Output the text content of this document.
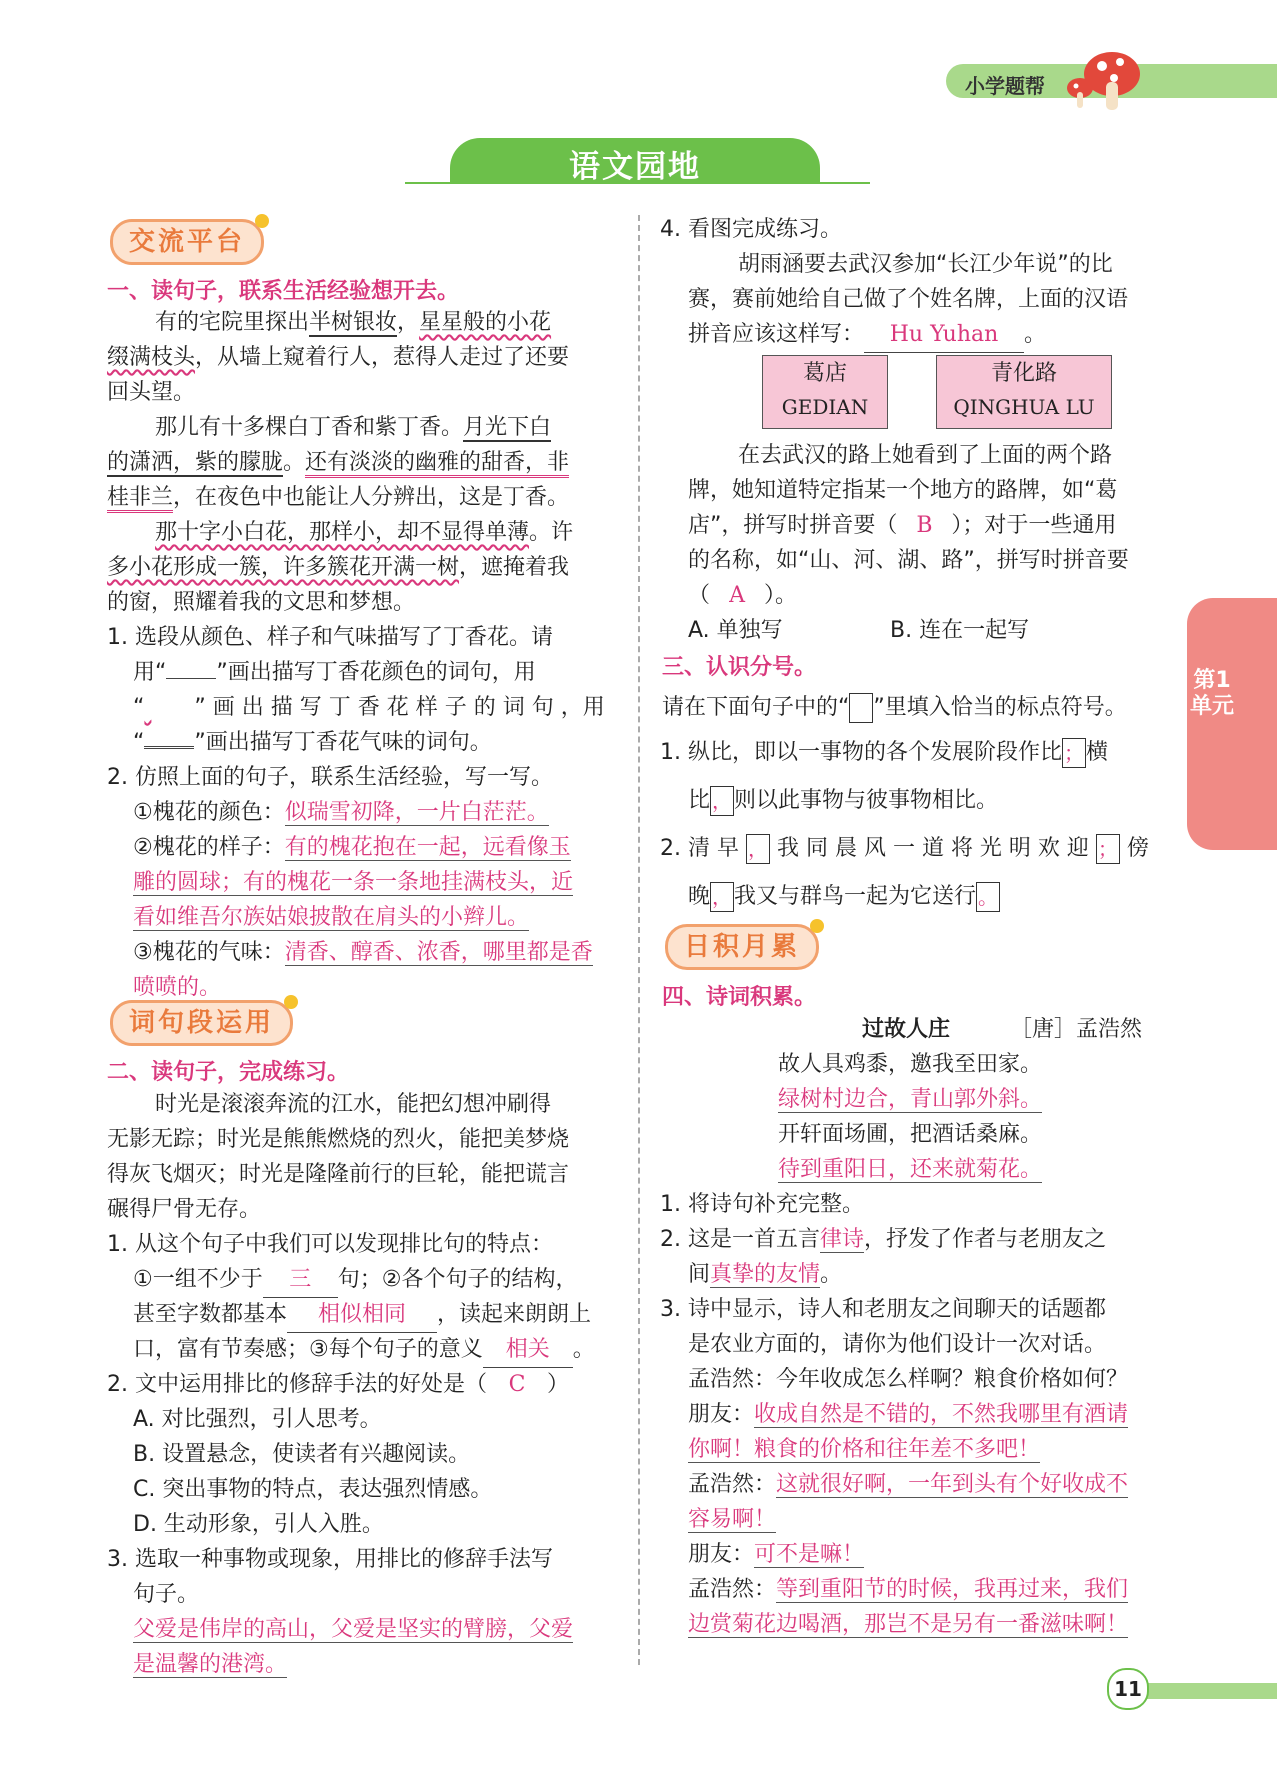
小学题帮
语文园地
交流平台
一、读句子，联系生活经验想开去。
有的宅院里探出半树银妆，星星般的小花
缀满枝头，从墙上窥着行人，惹得人走过了还要
回头望。
那儿有十多棵白丁香和紫丁香。月光下白
的潇洒，紫的朦胧。还有淡淡的幽雅的甜香，非
桂非兰，在夜色中也能让人分辨出，这是丁香。
那十字小白花，那样小，却不显得单薄。许
多小花形成一簇，许多簇花开满一树，遮掩着我
的窗，照耀着我的文思和梦想。
1. 选段从颜色、样子和气味描写了丁香花。请
用“ ”画出描写丁香花颜色的词句，用
“ ” 画 出 描 写 丁 香 花 样 子 的 词 句 ，用
“ ”画出描写丁香花气味的词句。
2. 仿照上面的句子，联系生活经验，写一写。
①槐花的颜色：似瑞雪初降，一片白茫茫。
②槐花的样子：有的槐花抱在一起，远看像玉
雕的圆球；有的槐花一条一条地挂满枝头，近
看如维吾尔族姑娘披散在肩头的小辫儿。
③槐花的气味：清香、醇香、浓香，哪里都是香
喷喷的。
词句段运用
二、读句子，完成练习。
时光是滚滚奔流的江水，能把幻想冲刷得
无影无踪；时光是熊熊燃烧的烈火，能把美梦烧
得灰飞烟灭；时光是隆隆前行的巨轮，能把谎言
碾得尸骨无存。
1. 从这个句子中我们可以发现排比句的特点：
①一组不少于 三 句；②各个句子的结构，
甚至字数都基本 相似相同 ，读起来朗朗上
口，富有节奏感；③每个句子的意义 相关 。
2. 文中运用排比的修辞手法的好处是（ C ）
A. 对比强烈，引人思考。
B. 设置悬念，使读者有兴趣阅读。
C. 突出事物的特点，表达强烈情感。
D. 生动形象，引人入胜。
3. 选取一种事物或现象，用排比的修辞手法写
句子。
父爱是伟岸的高山，父爱是坚实的臂膀，父爱
是温馨的港湾。
4. 看图完成练习。
胡雨涵要去武汉参加“长江少年说”的比
赛，赛前她给自己做了个姓名牌，上面的汉语
拼音应该这样写： Hu Yuhan 。
葛店
GEDIAN
青化路
QINGHUA LU
在去武汉的路上她看到了上面的两个路
牌，她知道特定指某一个地方的路牌，如“葛
店”，拼写时拼音要（ B ）；对于一些通用
的名称，如“山、河、湖、路”，拼写时拼音要
（ A ）。
A. 单独写	B. 连在一起写
三、认识分号。
请在下面句子中的“ ”里填入恰当的标点符号。
1. 纵比，即以一事物的各个发展阶段作比 ；横
比 ，则以此事物与彼事物相比。
2. 清 早 ， 我 同 晨 风 一 道 将 光 明 欢 迎 ； 傍
晚 ，我又与群鸟一起为它送行 。
日积月累
四、诗词积累。
过故人庄	［唐］孟浩然
故人具鸡黍，邀我至田家。
绿树村边合，青山郭外斜。
开轩面场圃，把酒话桑麻。
待到重阳日，还来就菊花。
1. 将诗句补充完整。
2. 这是一首五言律诗，抒发了作者与老朋友之
间真挚的友情。
3. 诗中显示，诗人和老朋友之间聊天的话题都
是农业方面的，请你为他们设计一次对话。
孟浩然：今年收成怎么样啊？粮食价格如何？
朋友：收成自然是不错的，不然我哪里有酒请
你啊！粮食的价格和往年差不多吧！
孟浩然：这就很好啊，一年到头有个好收成不
容易啊！
朋友：可不是嘛！
孟浩然：等到重阳节的时候，我再过来，我们
边赏菊花边喝酒，那岂不是另有一番滋味啊！
第1单元
11
